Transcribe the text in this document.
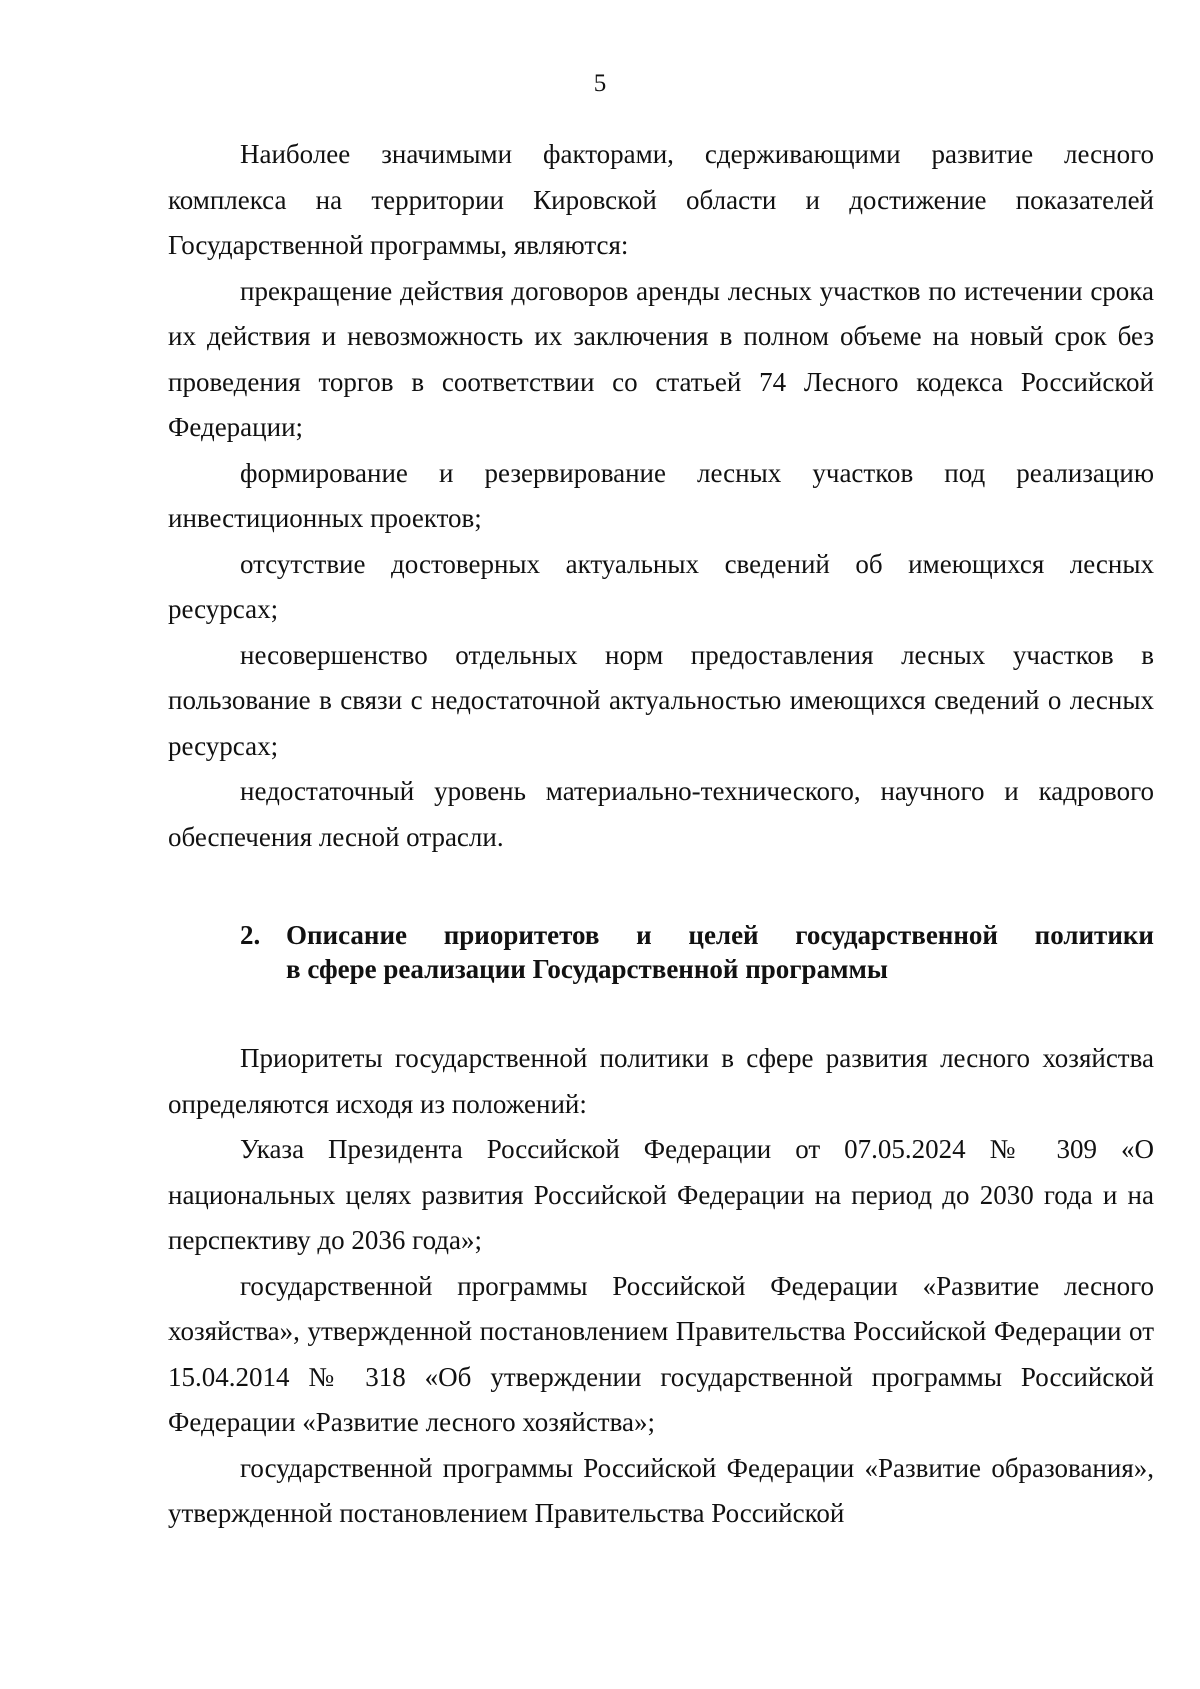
5

Наиболее значимыми факторами, сдерживающими развитие лесного комплекса на территории Кировской области и достижение показателей Государственной программы, являются:

прекращение действия договоров аренды лесных участков по истечении срока их действия и невозможность их заключения в полном объеме на новый срок без проведения торгов в соответствии со статьей 74 Лесного кодекса Российской Федерации;

формирование и резервирование лесных участков под реализацию инвестиционных проектов;

отсутствие достоверных актуальных сведений об имеющихся лесных ресурсах;

несовершенство отдельных норм предоставления лесных участков в пользование в связи с недостаточной актуальностью имеющихся сведений о лесных ресурсах;

недостаточный уровень материально-технического, научного и кадрового обеспечения лесной отрасли.

2. Описание приоритетов и целей государственной политики
в сфере реализации Государственной программы

Приоритеты государственной политики в сфере развития лесного хозяйства определяются исходя из положений:

Указа Президента Российской Федерации от 07.05.2024 № 309 «О национальных целях развития Российской Федерации на период до 2030 года и на перспективу до 2036 года»;

государственной программы Российской Федерации «Развитие лесного хозяйства», утвержденной постановлением Правительства Российской Федерации от 15.04.2014 № 318 «Об утверждении государственной программы Российской Федерации «Развитие лесного хозяйства»;

государственной программы Российской Федерации «Развитие образования», утвержденной постановлением Правительства Российской
